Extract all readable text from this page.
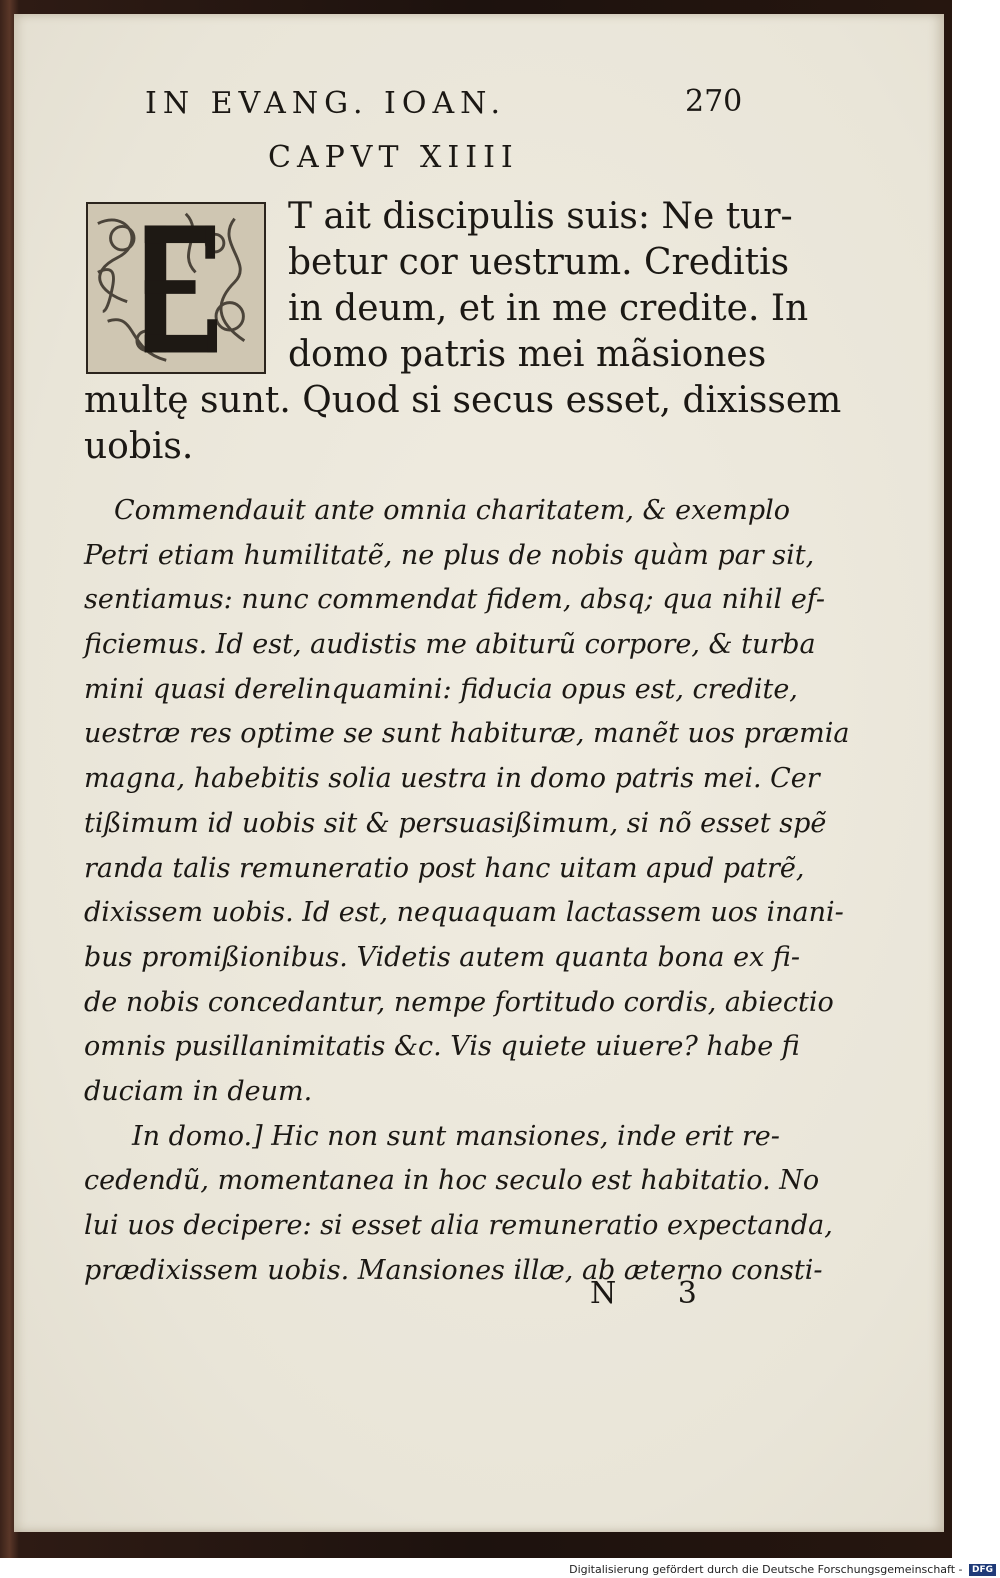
IN EVANG. IOAN.	270
CAPVT XIIII
T ait discipulis suis: Ne tur-
betur cor uestrum. Creditis
in deum, et in me credite. In
domo patris mei mãsiones
multę sunt. Quod si secus esset, dixissem
uobis.
Commendauit ante omnia charitatem, & exemplo
Petri etiam humilitatẽ, ne plus de nobis quàm par sit,
sentiamus: nunc commendat fidem, absq; qua nihil ef-
ficiemus. Id est, audistis me abiturũ corpore, & turba
mini quasi derelinquamini: fiducia opus est, credite,
uestræ res optime se sunt habituræ, manẽt uos præmia
magna, habebitis solia uestra in domo patris mei. Cer
tißimum id uobis sit & persuasißimum, si nõ esset spẽ
randa talis remuneratio post hanc uitam apud patrẽ,
dixissem uobis. Id est, nequaquam lactassem uos inani-
bus promißionibus. Videtis autem quanta bona ex fi-
de nobis concedantur, nempe fortitudo cordis, abiectio
omnis pusillanimitatis &c. Vis quiete uiuere? habe fi
duciam in deum.
In domo.] Hic non sunt mansiones, inde erit re-
cedendũ, momentanea in hoc seculo est habitatio. No
lui uos decipere: si esset alia remuneratio expectanda,
prædixissem uobis. Mansiones illæ, ab æterno consti-
N 3
Digitalisierung gefördert durch die Deutsche Forschungsgemeinschaft - DFG
